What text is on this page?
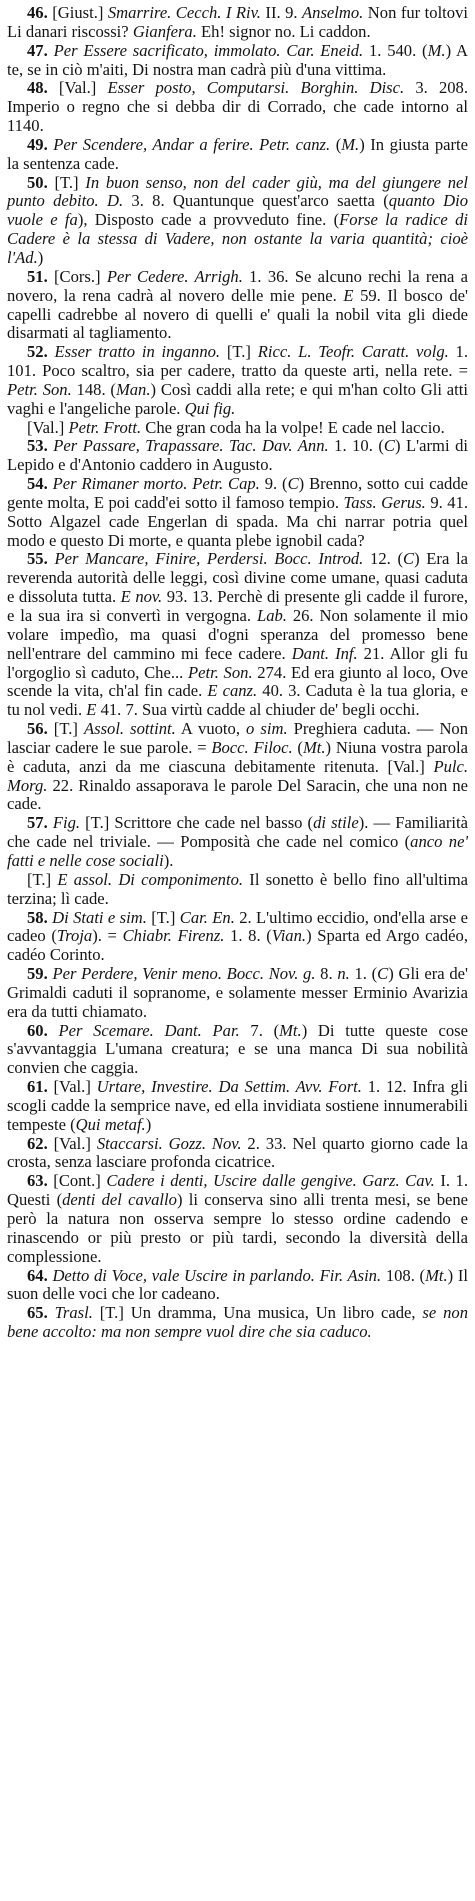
46. [Giust.] Smarrire. Cecch. I Riv. II. 9. Anselmo. Non fur toltovi Li danari riscossi? Gianfera. Eh! signor no. Li caddon.

47. Per Essere sacrificato, immolato. Car. Eneid. 1. 540. (M.) A te, se in ciò m'aiti, Di nostra man cadrà più d'una vittima.

48. [Val.] Esser posto, Computarsi. Borghin. Disc. 3. 208. Imperio o regno che si debba dir di Corrado, che cade intorno al 1140.

49. Per Scendere, Andar a ferire. Petr. canz. (M.) In giusta parte la sentenza cade.

50. [T.] In buon senso, non del cader giù, ma del giungere nel punto debito. D. 3. 8. Quantunque quest'arco saetta (quanto Dio vuole e fa), Disposto cade a provveduto fine. (Forse la radice di Cadere è la stessa di Vadere, non ostante la varia quantità; cioè l'Ad.)

51. [Cors.] Per Cedere. Arrigh. 1. 36. Se alcuno rechi la rena a novero, la rena cadrà al novero delle mie pene. E 59. Il bosco de' capelli cadrebbe al novero di quelli e' quali la nobil vita gli diede disarmati al tagliamento.

52. Esser tratto in inganno. [T.] Ricc. L. Teofr. Caratt. volg. 1. 101. Poco scaltro, sia per cadere, tratto da queste arti, nella rete. = Petr. Son. 148. (Man.) Così caddi alla rete; e qui m'han colto Gli atti vaghi e l'angeliche parole. Qui fig.

[Val.] Petr. Frott. Che gran coda ha la volpe! E cade nel laccio.

53. Per Passare, Trapassare. Tac. Dav. Ann. 1. 10. (C) L'armi di Lepido e d'Antonio caddero in Augusto.

54. Per Rimaner morto. Petr. Cap. 9. (C) Brenno, sotto cui cadde gente molta, E poi cadd'ei sotto il famoso tempio. Tass. Gerus. 9. 41. Sotto Algazel cade Engerlan di spada. Ma chi narrar potria quel modo e questo Di morte, e quanta plebe ignobil cada?

55. Per Mancare, Finire, Perdersi. Bocc. Introd. 12. (C) Era la reverenda autorità delle leggi, così divine come umane, quasi caduta e dissoluta tutta. E nov. 93. 13. Perchè di presente gli cadde il furore, e la sua ira si convertì in vergogna. Lab. 26. Non solamente il mio volare impedìo, ma quasi d'ogni speranza del promesso bene nell'entrare del cammino mi fece cadere. Dant. Inf. 21. Allor gli fu l'orgoglio sì caduto, Che... Petr. Son. 274. Ed era giunto al loco, Ove scende la vita, ch'al fin cade. E canz. 40. 3. Caduta è la tua gloria, e tu nol vedi. E 41. 7. Sua virtù cadde al chiuder de' begli occhi.

56. [T.] Assol. sottint. A vuoto, o sim. Preghiera caduta. — Non lasciar cadere le sue parole. = Bocc. Filoc. (Mt.) Niuna vostra parola è caduta, anzi da me ciascuna debitamente ritenuta. [Val.] Pulc. Morg. 22. Rinaldo assaporava le parole Del Saracin, che una non ne cade.

57. Fig. [T.] Scrittore che cade nel basso (di stile). — Familiarità che cade nel triviale. — Pomposità che cade nel comico (anco ne' fatti e nelle cose sociali).

[T.] E assol. Di componimento. Il sonetto è bello fino all'ultima terzina; lì cade.

58. Di Stati e sim. [T.] Car. En. 2. L'ultimo eccidio, ond'ella arse e cadeo (Troja). = Chiabr. Firenz. 1. 8. (Vian.) Sparta ed Argo cadéo, cadéo Corinto.

59. Per Perdere, Venir meno. Bocc. Nov. g. 8. n. 1. (C) Gli era de' Grimaldi caduti il sopranome, e solamente messer Erminio Avarizia era da tutti chiamato.

60. Per Scemare. Dant. Par. 7. (Mt.) Di tutte queste cose s'avvantaggia L'umana creatura; e se una manca Di sua nobilità convien che caggia.

61. [Val.] Urtare, Investire. Da Settim. Avv. Fort. 1. 12. Infra gli scogli cadde la semprice nave, ed ella invidiata sostiene innumerabili tempeste (Qui metaf.)

62. [Val.] Staccarsi. Gozz. Nov. 2. 33. Nel quarto giorno cade la crosta, senza lasciare profonda cicatrice.

63. [Cont.] Cadere i denti, Uscire dalle gengive. Garz. Cav. I. 1. Questi (denti del cavallo) li conserva sino alli trenta mesi, se bene però la natura non osserva sempre lo stesso ordine cadendo e rinascendo or più presto or più tardi, secondo la diversità della complessione.

64. Detto di Voce, vale Uscire in parlando. Fir. Asin. 108. (Mt.) Il suon delle voci che lor cadeano.

65. Trasl. [T.] Un dramma, Una musica, Un libro cade, se non bene accolto: ma non sempre vuol dire che sia caduco.
